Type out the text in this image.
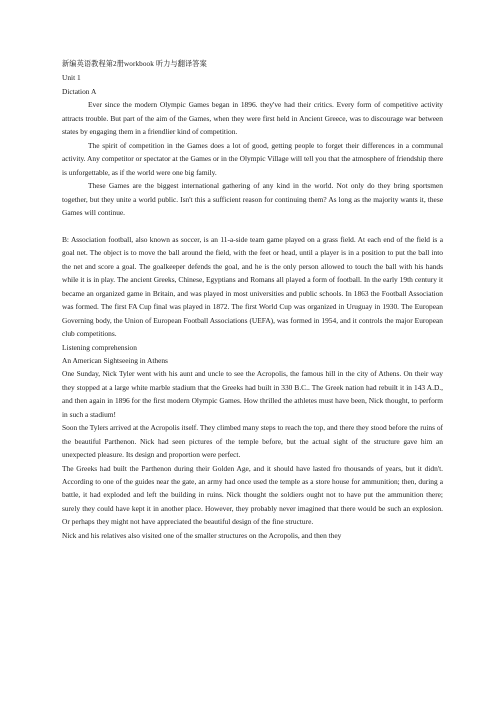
新编英语教程第2册workbook 听力与翻译答案
Unit 1
Dictation A
Ever since the modern Olympic Games began in 1896. they've had their critics. Every form of competitive activity attracts trouble. But part of the aim of the Games, when they were first held in Ancient Greece, was to discourage war between states by engaging them in a friendlier kind of competition.
The spirit of competition in the Games does a lot of good, getting people to forget their differences in a communal activity. Any competitor or spectator at the Games or in the Olympic Village will tell you that the atmosphere of friendship there is unforgettable, as if the world were one big family.
These Games are the biggest international gathering of any kind in the world. Not only do they bring sportsmen together, but they unite a world public. Isn't this a sufficient reason for continuing them? As long as the majority wants it, these Games will continue.
B: Association football, also known as soccer, is an 11-a-side team game played on a grass field. At each end of the field is a goal net. The object is to move the ball around the field, with the feet or head, until a player is in a position to put the ball into the net and score a goal. The goalkeeper defends the goal, and he is the only person allowed to touch the ball with his hands while it is in play. The ancient Greeks, Chinese, Egyptians and Romans all played a form of football. In the early 19th century it became an organized game in Britain, and was played in most universities and public schools. In 1863 the Football Association was formed. The first FA Cup final was played in 1872. The first World Cup was organized in Uruguay in 1930. The European Governing body, the Union of European Football Associations (UEFA), was formed in 1954, and it controls the major European club competitions.
Listening comprehension
An American Sightseeing in Athens
One Sunday, Nick Tyler went with his aunt and uncle to see the Acropolis, the famous hill in the city of Athens. On their way they stopped at a large white marble stadium that the Greeks had built in 330 B.C.. The Greek nation had rebuilt it in 143 A.D., and then again in 1896 for the first modern Olympic Games. How thrilled the athletes must have been, Nick thought, to perform in such a stadium!
Soon the Tylers arrived at the Acropolis itself. They climbed many steps to reach the top, and there they stood before the ruins of the beautiful Parthenon. Nick had seen pictures of the temple before, but the actual sight of the structure gave him an unexpected pleasure. Its design and proportion were perfect.
The Greeks had built the Parthenon during their Golden Age, and it should have lasted fro thousands of years, but it didn't. According to one of the guides near the gate, an army had once used the temple as a store house for ammunition; then, during a battle, it had exploded and left the building in ruins. Nick thought the soldiers ought not to have put the ammunition there; surely they could have kept it in another place. However, they probably never imagined that there would be such an explosion. Or perhaps they might not have appreciated the beautiful design of the fine structure.
Nick and his relatives also visited one of the smaller structures on the Acropolis, and then they
